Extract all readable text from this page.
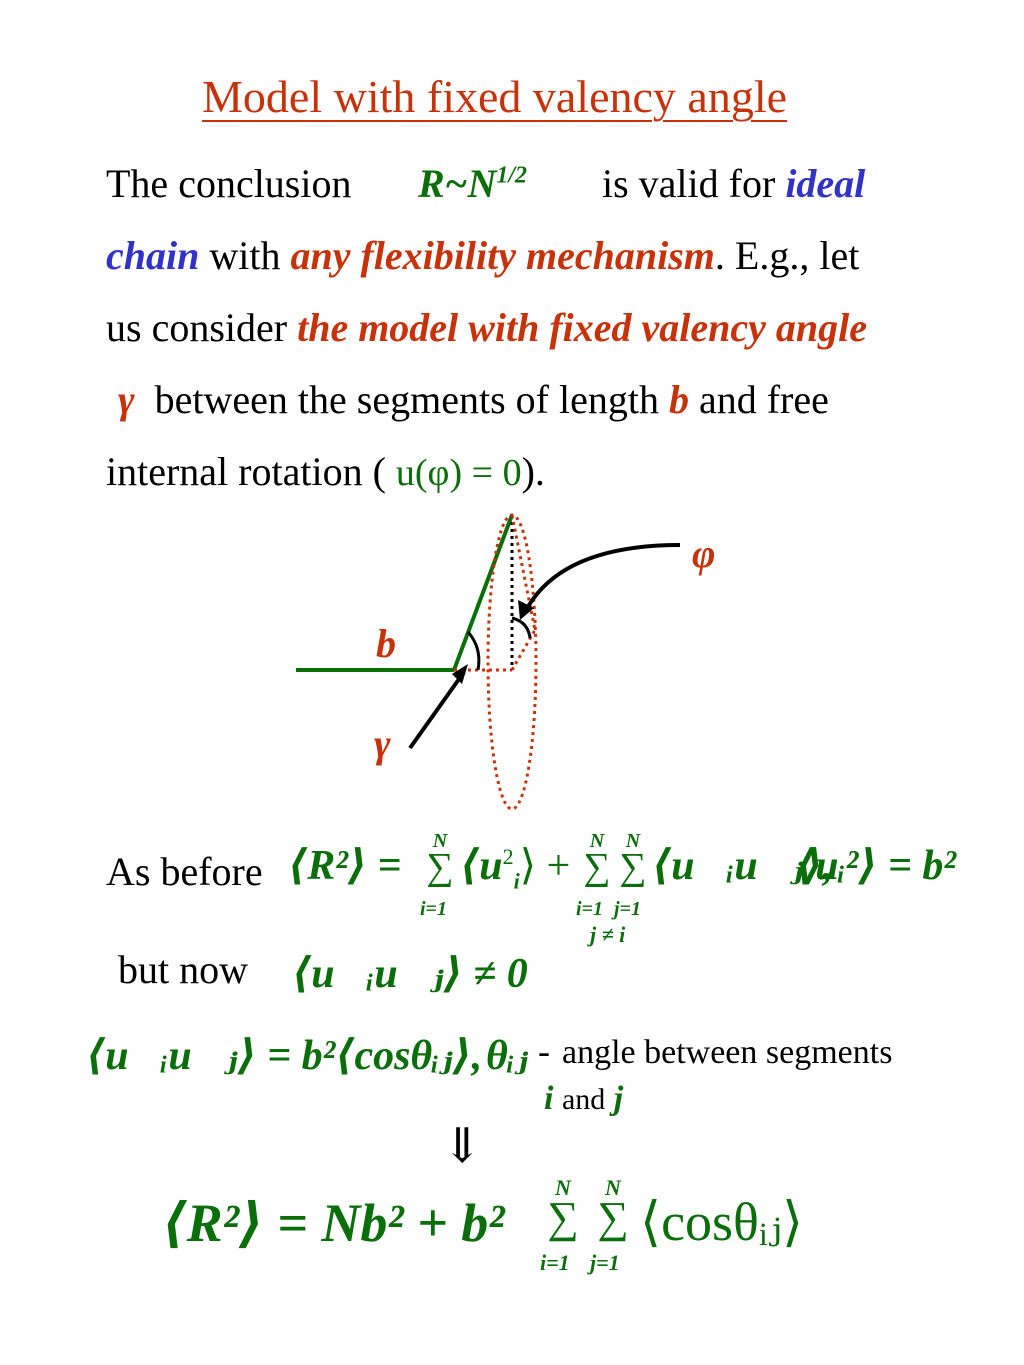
Model with fixed valency angle
The conclusion $R\sim N^{1/2}$ is valid for ideal
chain with any flexibility mechanism. E.g., let
us consider the model with fixed valency angle
γ between the segments of length b and free
internal rotation ( u(φ) = 0).
φ
b
γ
As before ⟨R²⟩ =
N
∑
i=1
$⟨u^2_i⟩$ +
N
∑
i=1
N
∑
j=1
j ≠ i
⟨u⃗ᵢu⃗ⱼ⟩,
⟨uᵢ²⟩ = b²
but now ⟨u⃗ᵢu⃗ⱼ⟩ ≠ 0
⟨u⃗ᵢu⃗ⱼ⟩ = b²⟨cosθᵢⱼ⟩, θᵢⱼ - angle between segments
i and j
⇓
⟨R²⟩ = Nb² + b²
N
∑
i=1
N
∑
j=1
⟨cosθᵢⱼ⟩
